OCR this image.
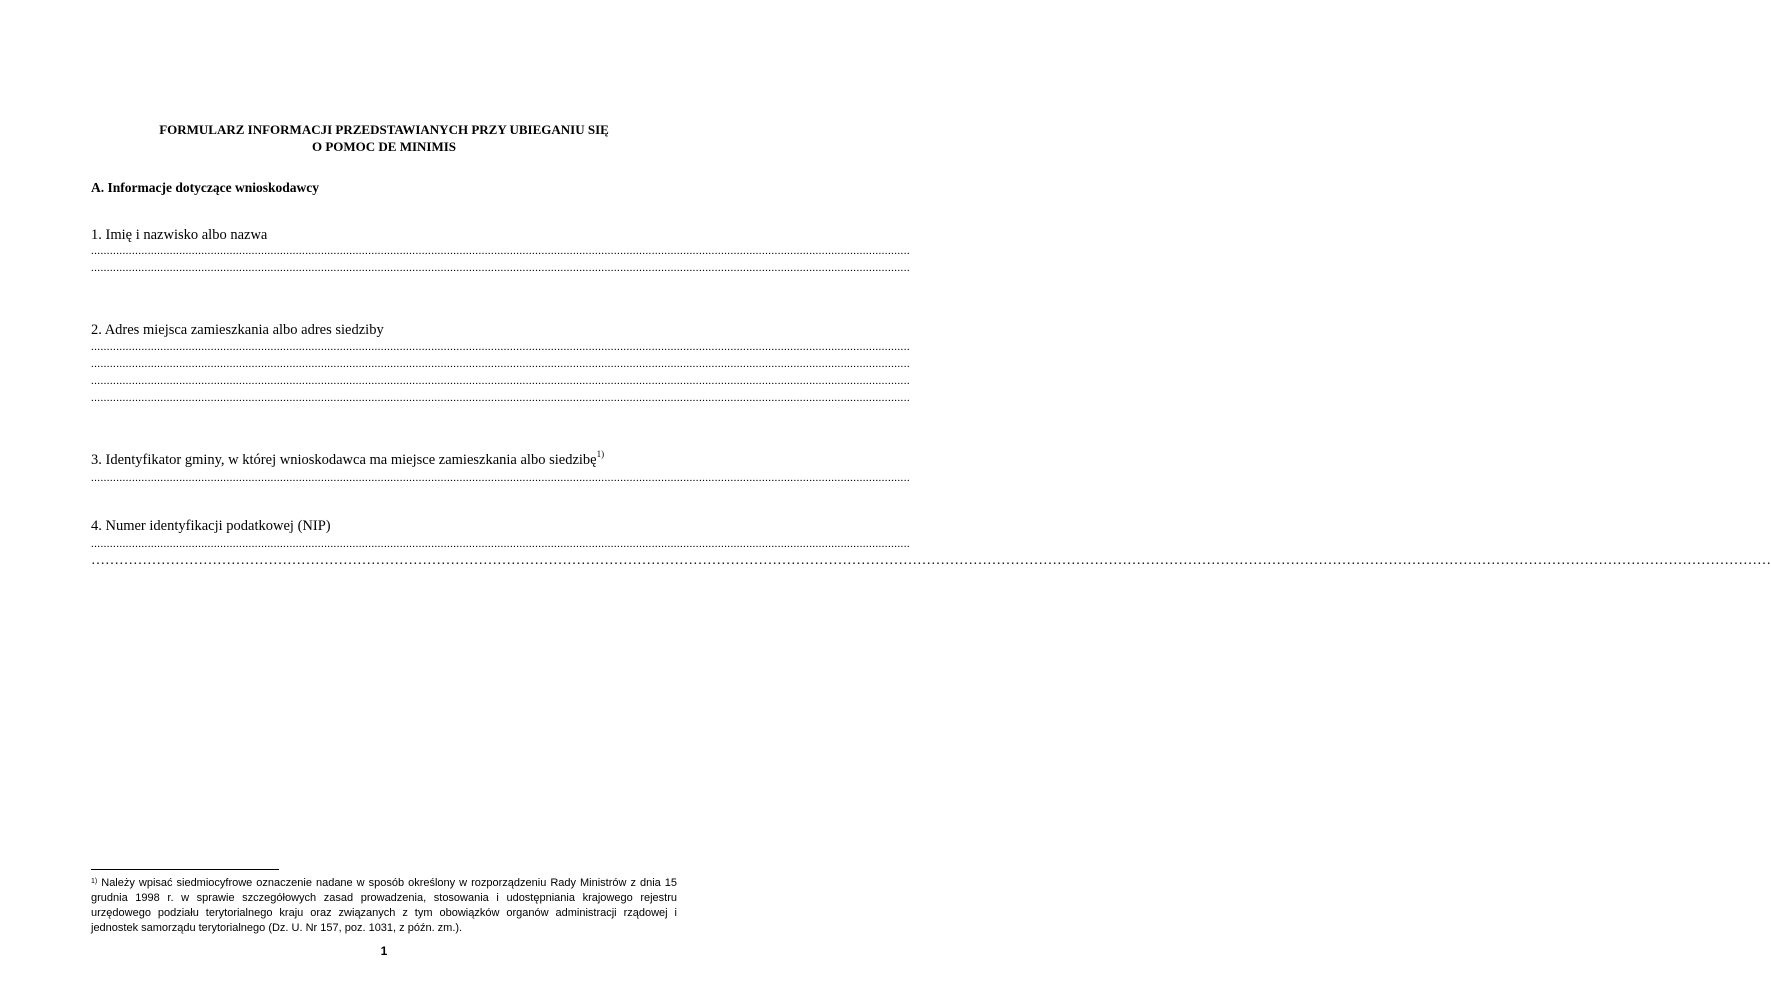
FORMULARZ INFORMACJI PRZEDSTAWIANYCH PRZY UBIEGANIU SIĘ
O POMOC DE MINIMIS
A. Informacje dotyczące wnioskodawcy
1. Imię i nazwisko albo nazwa
....................................................................................................................................................................................................................................................................
....................................................................................................................................................................................................................................................................
2. Adres miejsca zamieszkania albo adres siedziby
....................................................................................................................................................................................................................................................................
....................................................................................................................................................................................................................................................................
....................................................................................................................................................................................................................................................................
....................................................................................................................................................................................................................................................................
3. Identyfikator gminy, w której wnioskodawca ma miejsce zamieszkania albo siedzibę$^{1)}$
....................................................................................................................................................................................................................................................................
4. Numer identyfikacji podatkowej (NIP)
....................................................................................................................................................................................................................................................................
………………………………………………………………………………………………………………………………………………………………………………………………………………………………………………………………………………………………………………………………
$^{1)}$ Należy wpisać siedmiocyfrowe oznaczenie nadane w sposób określony w rozporządzeniu Rady Ministrów z dnia 15 grudnia 1998 r. w sprawie szczegółowych zasad prowadzenia, stosowania i udostępniania krajowego rejestru urzędowego podziału terytorialnego kraju oraz związanych z tym obowiązków organów administracji rządowej i jednostek samorządu terytorialnego (Dz. U. Nr 157, poz. 1031, z późn. zm.).
1
